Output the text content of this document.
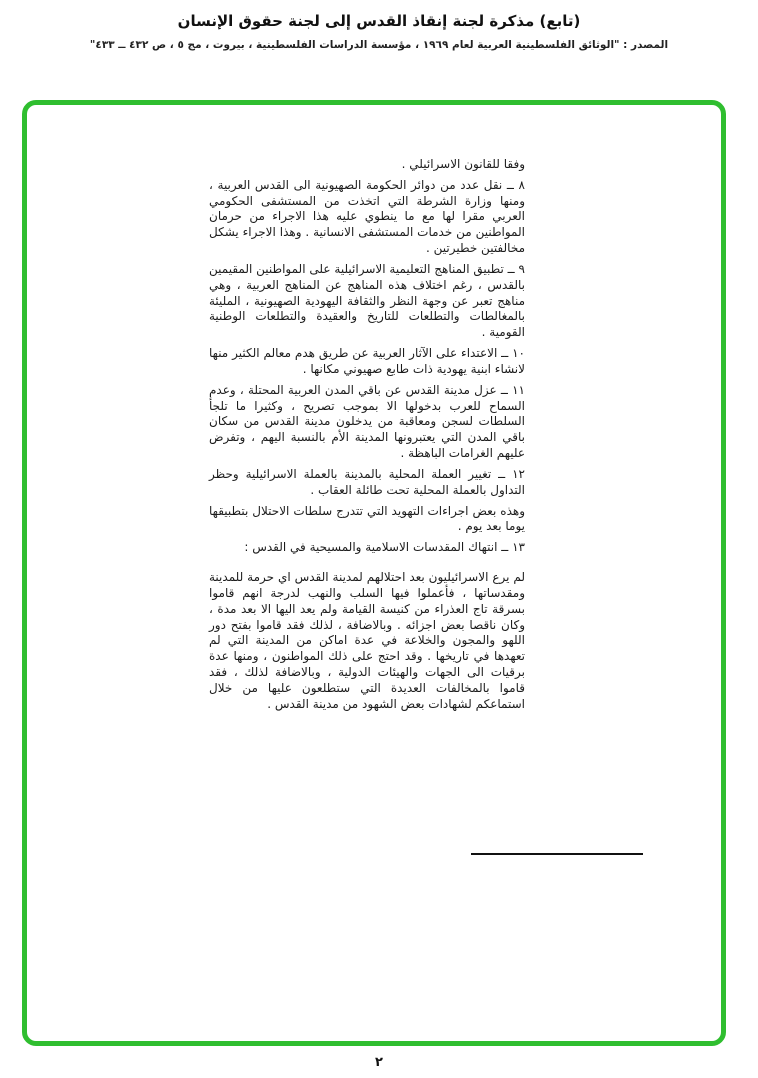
(تابع) مذكرة لجنة إنقاذ القدس إلى لجنة حقوق الإنسان

المصدر : "الوثائق الفلسطينية العربية لعام ١٩٦٩ ، مؤسسة الدراسات الفلسطينية ، بيروت ، مج ٥ ، ص ٤٣٢ ــ ٤٣٣"

وفقا للقانون الاسرائيلي .

٨ ــ نقل عدد من دوائر الحكومة الصهيونية الى القدس العربية ، ومنها وزارة الشرطة التي اتخذت من المستشفى الحكومي العربي مقرا لها مع ما ينطوي عليه هذا الاجراء من حرمان المواطنين من خدمات المستشفى الانسانية . وهذا الاجراء يشكل مخالفتين خطيرتين .

٩ ــ تطبيق المناهج التعليمية الاسرائيلية على المواطنين المقيمين بالقدس ، رغم اختلاف هذه المناهج عن المناهج العربية ، وهي مناهج تعبر عن وجهة النظر والثقافة اليهودية الصهيونية ، المليئة بالمغالطات والتطلعات للتاريخ والعقيدة والتطلعات الوطنية القومية .

١٠ ــ الاعتداء على الآثار العربية عن طريق هدم معالم الكثير منها لانشاء ابنية يهودية ذات طابع صهيوني مكانها .

١١ ــ عزل مدينة القدس عن باقي المدن العربية المحتلة ، وعدم السماح للعرب بدخولها الا بموجب تصريح ، وكثيرا ما تلجأ السلطات لسجن ومعاقبة من يدخلون مدينة القدس من سكان باقي المدن التي يعتبرونها المدينة الأم بالنسبة اليهم ، وتفرض عليهم الغرامات الباهظة .

١٢ ــ تغيير العملة المحلية بالمدينة بالعملة الاسرائيلية وحظر التداول بالعملة المحلية تحت طائلة العقاب .

وهذه بعض اجراءات التهويد التي تتدرج سلطات الاحتلال بتطبيقها يوما بعد يوم .

١٣ ــ انتهاك المقدسات الاسلامية والمسيحية في القدس :

لم يرع الاسرائيليون بعد احتلالهم لمدينة القدس اي حرمة للمدينة ومقدساتها ، فأعملوا فيها السلب والنهب لدرجة انهم قاموا بسرقة تاج العذراء من كنيسة القيامة ولم يعد اليها الا بعد مدة ، وكان ناقصا بعض اجزائه . وبالاضافة ، لذلك فقد قاموا بفتح دور اللهو والمجون والخلاعة في عدة اماكن من المدينة التي لم تعهدها في تاريخها . وقد احتج على ذلك المواطنون ، ومنها عدة برقيات الى الجهات والهيئات الدولية ، وبالاضافة لذلك ، فقد قاموا بالمخالفات العديدة التي ستطلعون عليها من خلال استماعكم لشهادات بعض الشهود من مدينة القدس .

٢
